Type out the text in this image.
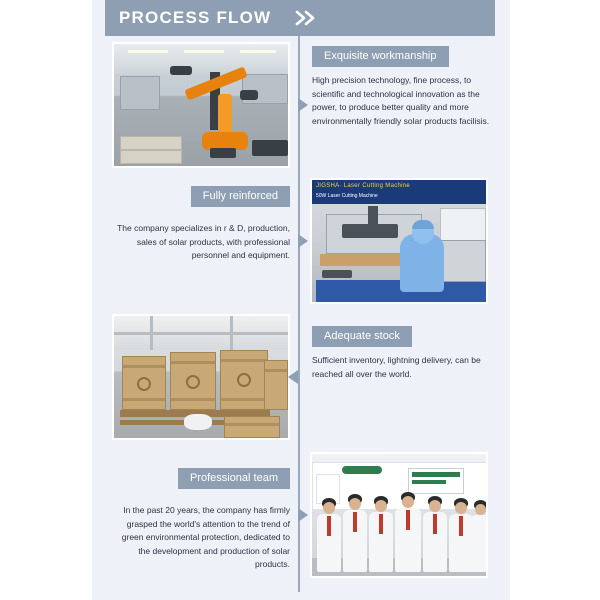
PROCESS FLOW
Exquisite workmanship
High precision technology, fine process, to scientific and technological innovation as the power, to produce better quality and more environmentally friendly solar products facilisis.
JIGSHA· Laser Cutting Machine
50W Laser Cutting Machine
Fully reinforced
The company specializes in r & D, production, sales of solar products, with professional personnel and equipment.
Adequate stock
Sufficient inventory, lightning delivery, can be reached all over the world.
Professional team
In the past 20 years, the company has firmly grasped the world's attention to the trend of green environmental protection, dedicated to the development and production of solar products.
